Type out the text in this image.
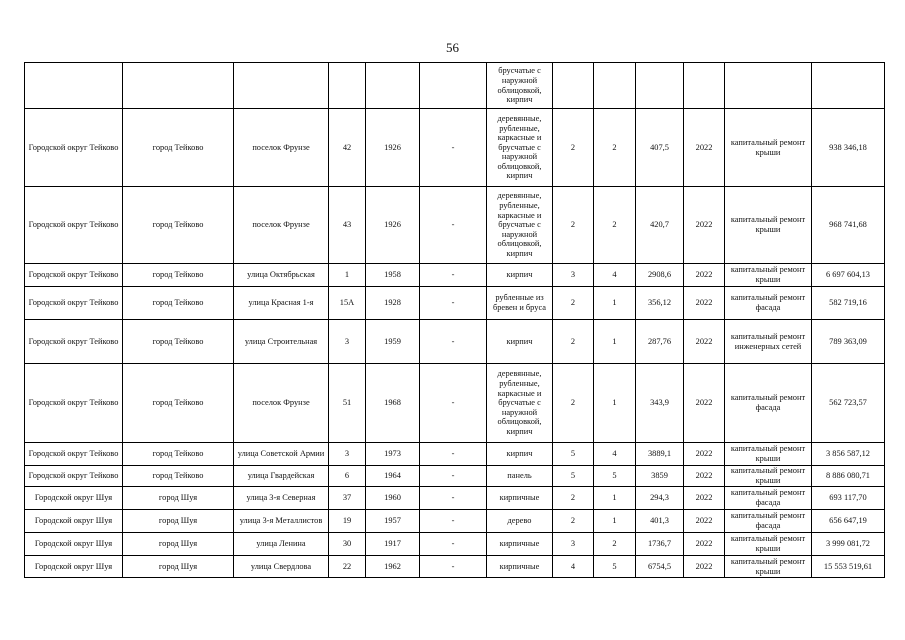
56
						брусчатые с наружной облицовкой, кирпич						
Городской округ Тейково	город Тейково	поселок Фрунзе	42	1926	-	деревянные, рубленные, каркасные и брусчатые с наружной облицовкой, кирпич	2	2	407,5	2022	капитальный ремонт крыши	938 346,18
Городской округ Тейково	город Тейково	поселок Фрунзе	43	1926	-	деревянные, рубленные, каркасные и брусчатые с наружной облицовкой, кирпич	2	2	420,7	2022	капитальный ремонт крыши	968 741,68
Городской округ Тейково	город Тейково	улица Октябрьская	1	1958	-	кирпич	3	4	2908,6	2022	капитальный ремонт крыши	6 697 604,13
Городской округ Тейково	город Тейково	улица Красная 1-я	15А	1928	-	рубленные из бревен и бруса	2	1	356,12	2022	капитальный ремонт фасада	582 719,16
Городской округ Тейково	город Тейково	улица Строительная	3	1959	-	кирпич	2	1	287,76	2022	капитальный ремонт инженерных сетей	789 363,09
Городской округ Тейково	город Тейково	поселок Фрунзе	51	1968	-	деревянные, рубленные, каркасные и брусчатые с наружной облицовкой, кирпич	2	1	343,9	2022	капитальный ремонт фасада	562 723,57
Городской округ Тейково	город Тейково	улица Советской Армии	3	1973	-	кирпич	5	4	3889,1	2022	капитальный ремонт крыши	3 856 587,12
Городской округ Тейково	город Тейково	улица Гвардейская	6	1964	-	панель	5	5	3859	2022	капитальный ремонт крыши	8 886 080,71
Городской округ Шуя	город Шуя	улица 3-я Северная	37	1960	-	кирпичные	2	1	294,3	2022	капитальный ремонт фасада	693 117,70
Городской округ Шуя	город Шуя	улица 3-я Металлистов	19	1957	-	дерево	2	1	401,3	2022	капитальный ремонт фасада	656 647,19
Городской округ Шуя	город Шуя	улица Ленина	30	1917	-	кирпичные	3	2	1736,7	2022	капитальный ремонт крыши	3 999 081,72
Городской округ Шуя	город Шуя	улица Свердлова	22	1962	-	кирпичные	4	5	6754,5	2022	капитальный ремонт крыши	15 553 519,61
